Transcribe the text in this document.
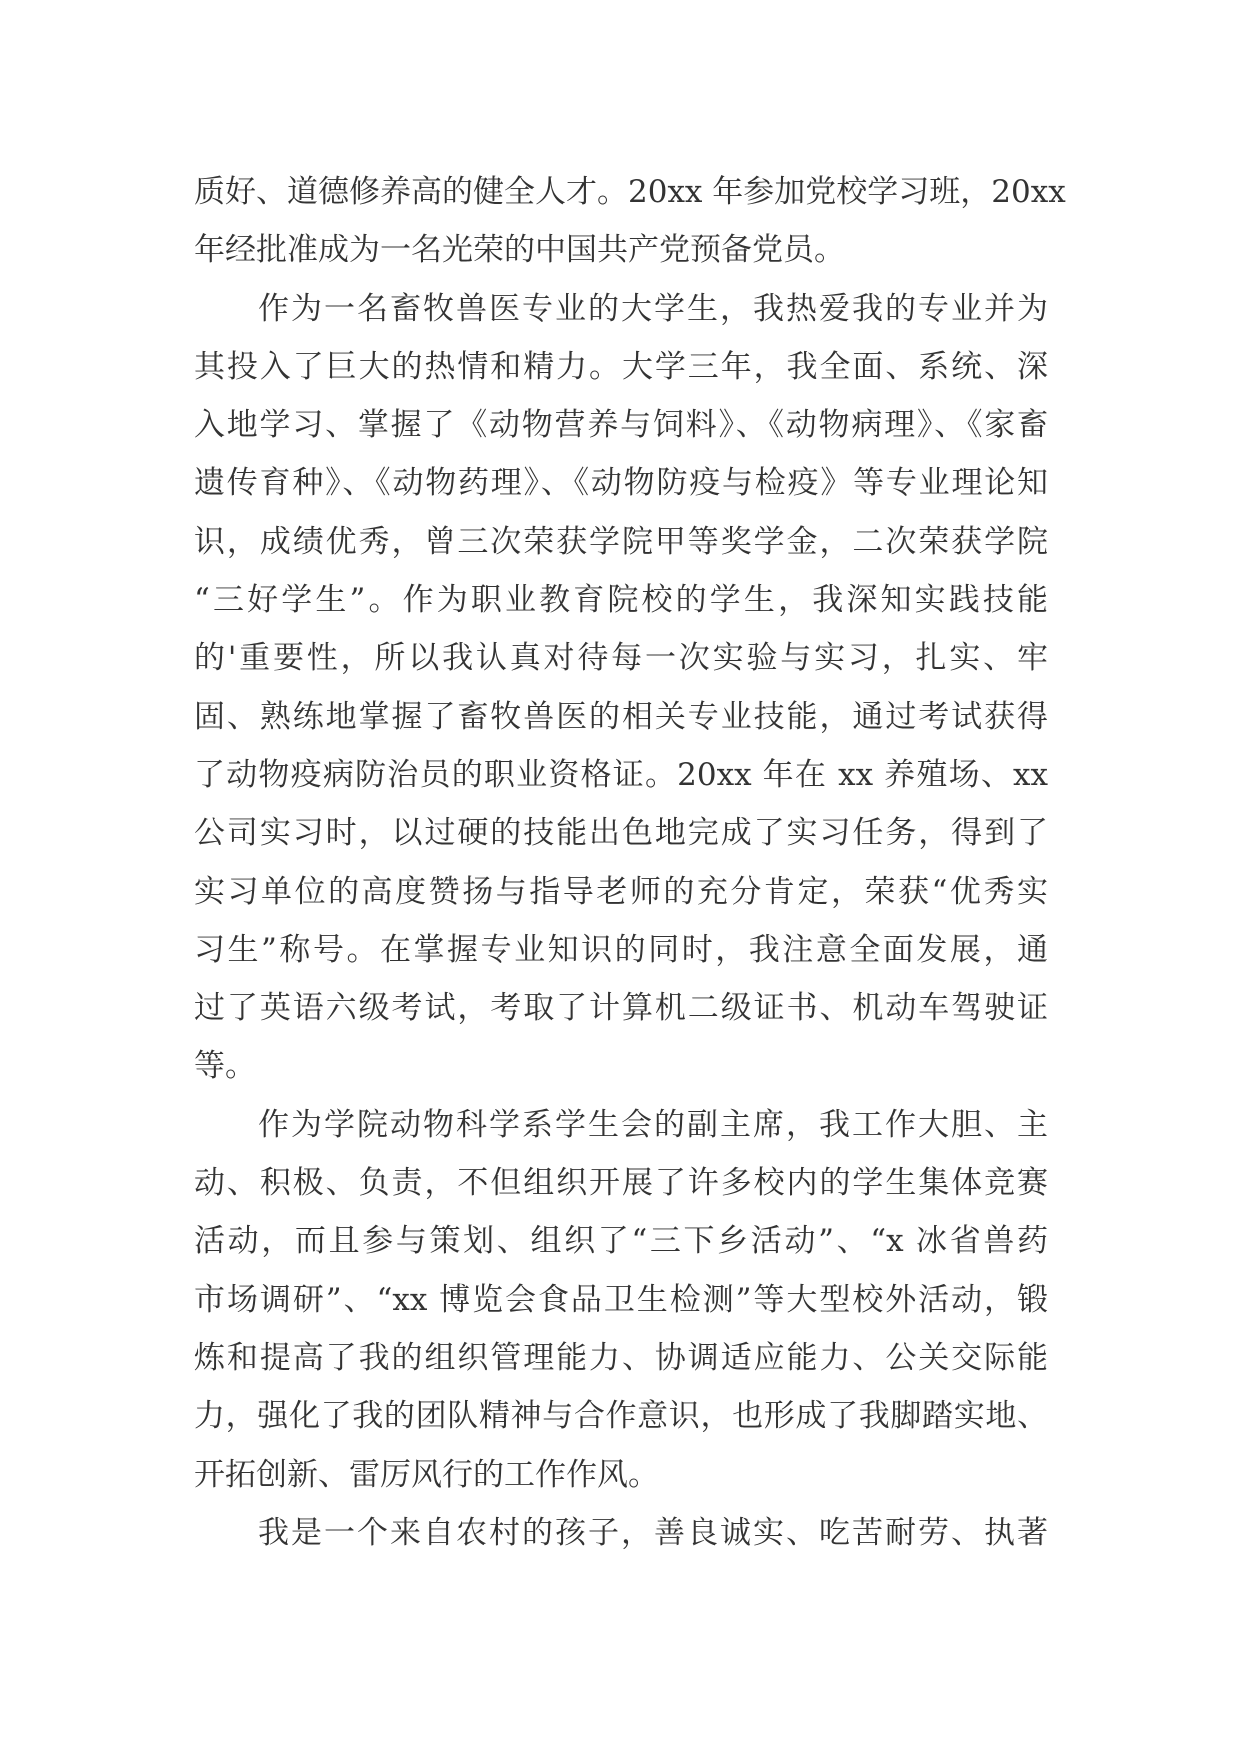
质好、道德修养高的健全人才。20xx 年参加党校学习班，20xx
年经批准成为一名光荣的中国共产党预备党员。
作为一名畜牧兽医专业的大学生，我热爱我的专业并为
其投入了巨大的热情和精力。大学三年，我全面、系统、深
入地学习、掌握了《动物营养与饲料》、《动物病理》、《家畜
遗传育种》、《动物药理》、《动物防疫与检疫》等专业理论知
识，成绩优秀，曾三次荣获学院甲等奖学金，二次荣获学院
“三好学生”。作为职业教育院校的学生，我深知实践技能
的'重要性，所以我认真对待每一次实验与实习，扎实、牢
固、熟练地掌握了畜牧兽医的相关专业技能，通过考试获得
了动物疫病防治员的职业资格证。20xx 年在 xx 养殖场、xx
公司实习时，以过硬的技能出色地完成了实习任务，得到了
实习单位的高度赞扬与指导老师的充分肯定，荣获“优秀实
习生”称号。在掌握专业知识的同时，我注意全面发展，通
过了英语六级考试，考取了计算机二级证书、机动车驾驶证
等。
作为学院动物科学系学生会的副主席，我工作大胆、主
动、积极、负责，不但组织开展了许多校内的学生集体竞赛
活动，而且参与策划、组织了“三下乡活动”、“x 冰省兽药
市场调研”、“xx 博览会食品卫生检测”等大型校外活动，锻
炼和提高了我的组织管理能力、协调适应能力、公关交际能
力，强化了我的团队精神与合作意识，也形成了我脚踏实地、
开拓创新、雷厉风行的工作作风。
我是一个来自农村的孩子，善良诚实、吃苦耐劳、执著
